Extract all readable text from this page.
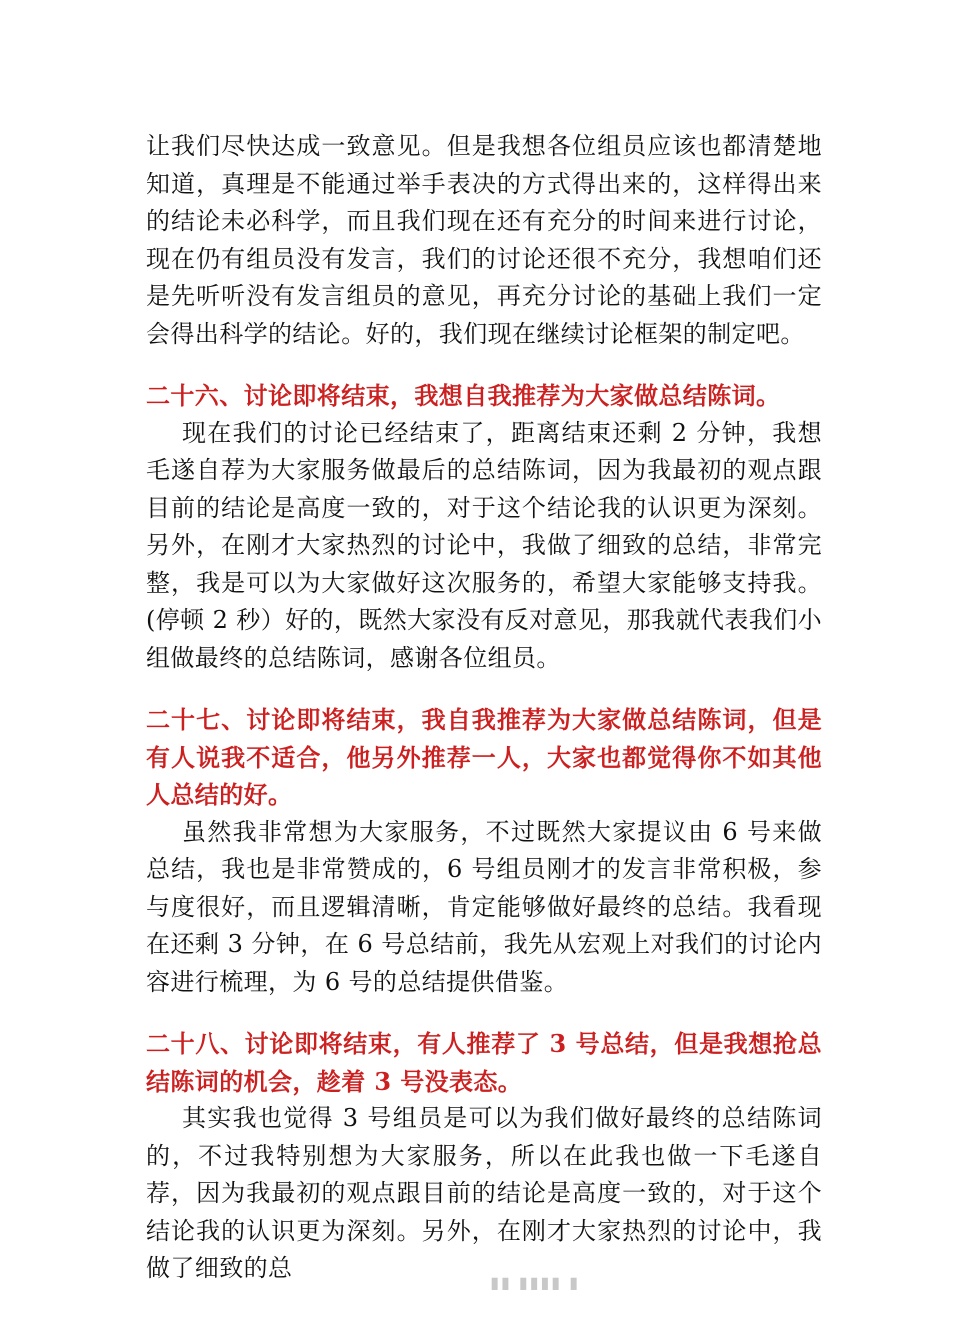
让我们尽快达成一致意见。但是我想各位组员应该也都清楚地知道，真理是不能通过举手表决的方式得出来的，这样得出来的结论未必科学，而且我们现在还有充分的时间来进行讨论，现在仍有组员没有发言，我们的讨论还很不充分，我想咱们还是先听听没有发言组员的意见，再充分讨论的基础上我们一定会得出科学的结论。好的，我们现在继续讨论框架的制定吧。

二十六、讨论即将结束，我想自我推荐为大家做总结陈词。

现在我们的讨论已经结束了，距离结束还剩 2 分钟，我想毛遂自荐为大家服务做最后的总结陈词，因为我最初的观点跟目前的结论是高度一致的，对于这个结论我的认识更为深刻。另外，在刚才大家热烈的讨论中，我做了细致的总结，非常完整，我是可以为大家做好这次服务的，希望大家能够支持我。(停顿 2 秒）好的，既然大家没有反对意见，那我就代表我们小组做最终的总结陈词，感谢各位组员。

二十七、讨论即将结束，我自我推荐为大家做总结陈词，但是有人说我不适合，他另外推荐一人，大家也都觉得你不如其他人总结的好。

虽然我非常想为大家服务，不过既然大家提议由 6 号来做总结，我也是非常赞成的，6 号组员刚才的发言非常积极，参与度很好，而且逻辑清晰，肯定能够做好最终的总结。我看现在还剩 3 分钟，在 6 号总结前，我先从宏观上对我们的讨论内容进行梳理，为 6 号的总结提供借鉴。

二十八、讨论即将结束，有人推荐了 3 号总结，但是我想抢总结陈词的机会，趁着 3 号没表态。

其实我也觉得 3 号组员是可以为我们做好最终的总结陈词的，不过我特别想为大家服务，所以在此我也做一下毛遂自荐，因为我最初的观点跟目前的结论是高度一致的，对于这个结论我的认识更为深刻。另外，在刚才大家热烈的讨论中，我做了细致的总

▮▮ ▮▮▮▮ ▮
